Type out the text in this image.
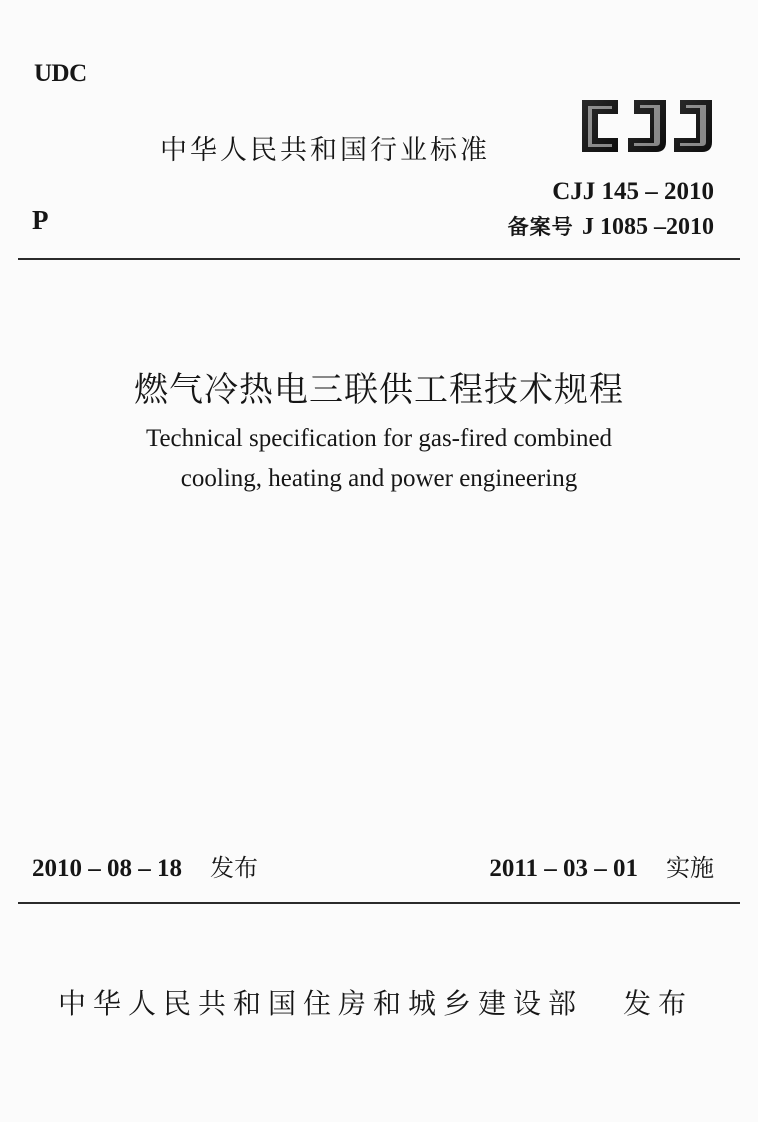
UDC
中华人民共和国行业标准
CJJ
CJJ 145 – 2010
P	备案号 J 1085 –2010
燃气冷热电三联供工程技术规程
Technical specification for gas-fired combined
cooling, heating and power engineering
2010 – 08 – 18 发布	2011 – 03 – 01 实施
中华人民共和国住房和城乡建设部 发布
